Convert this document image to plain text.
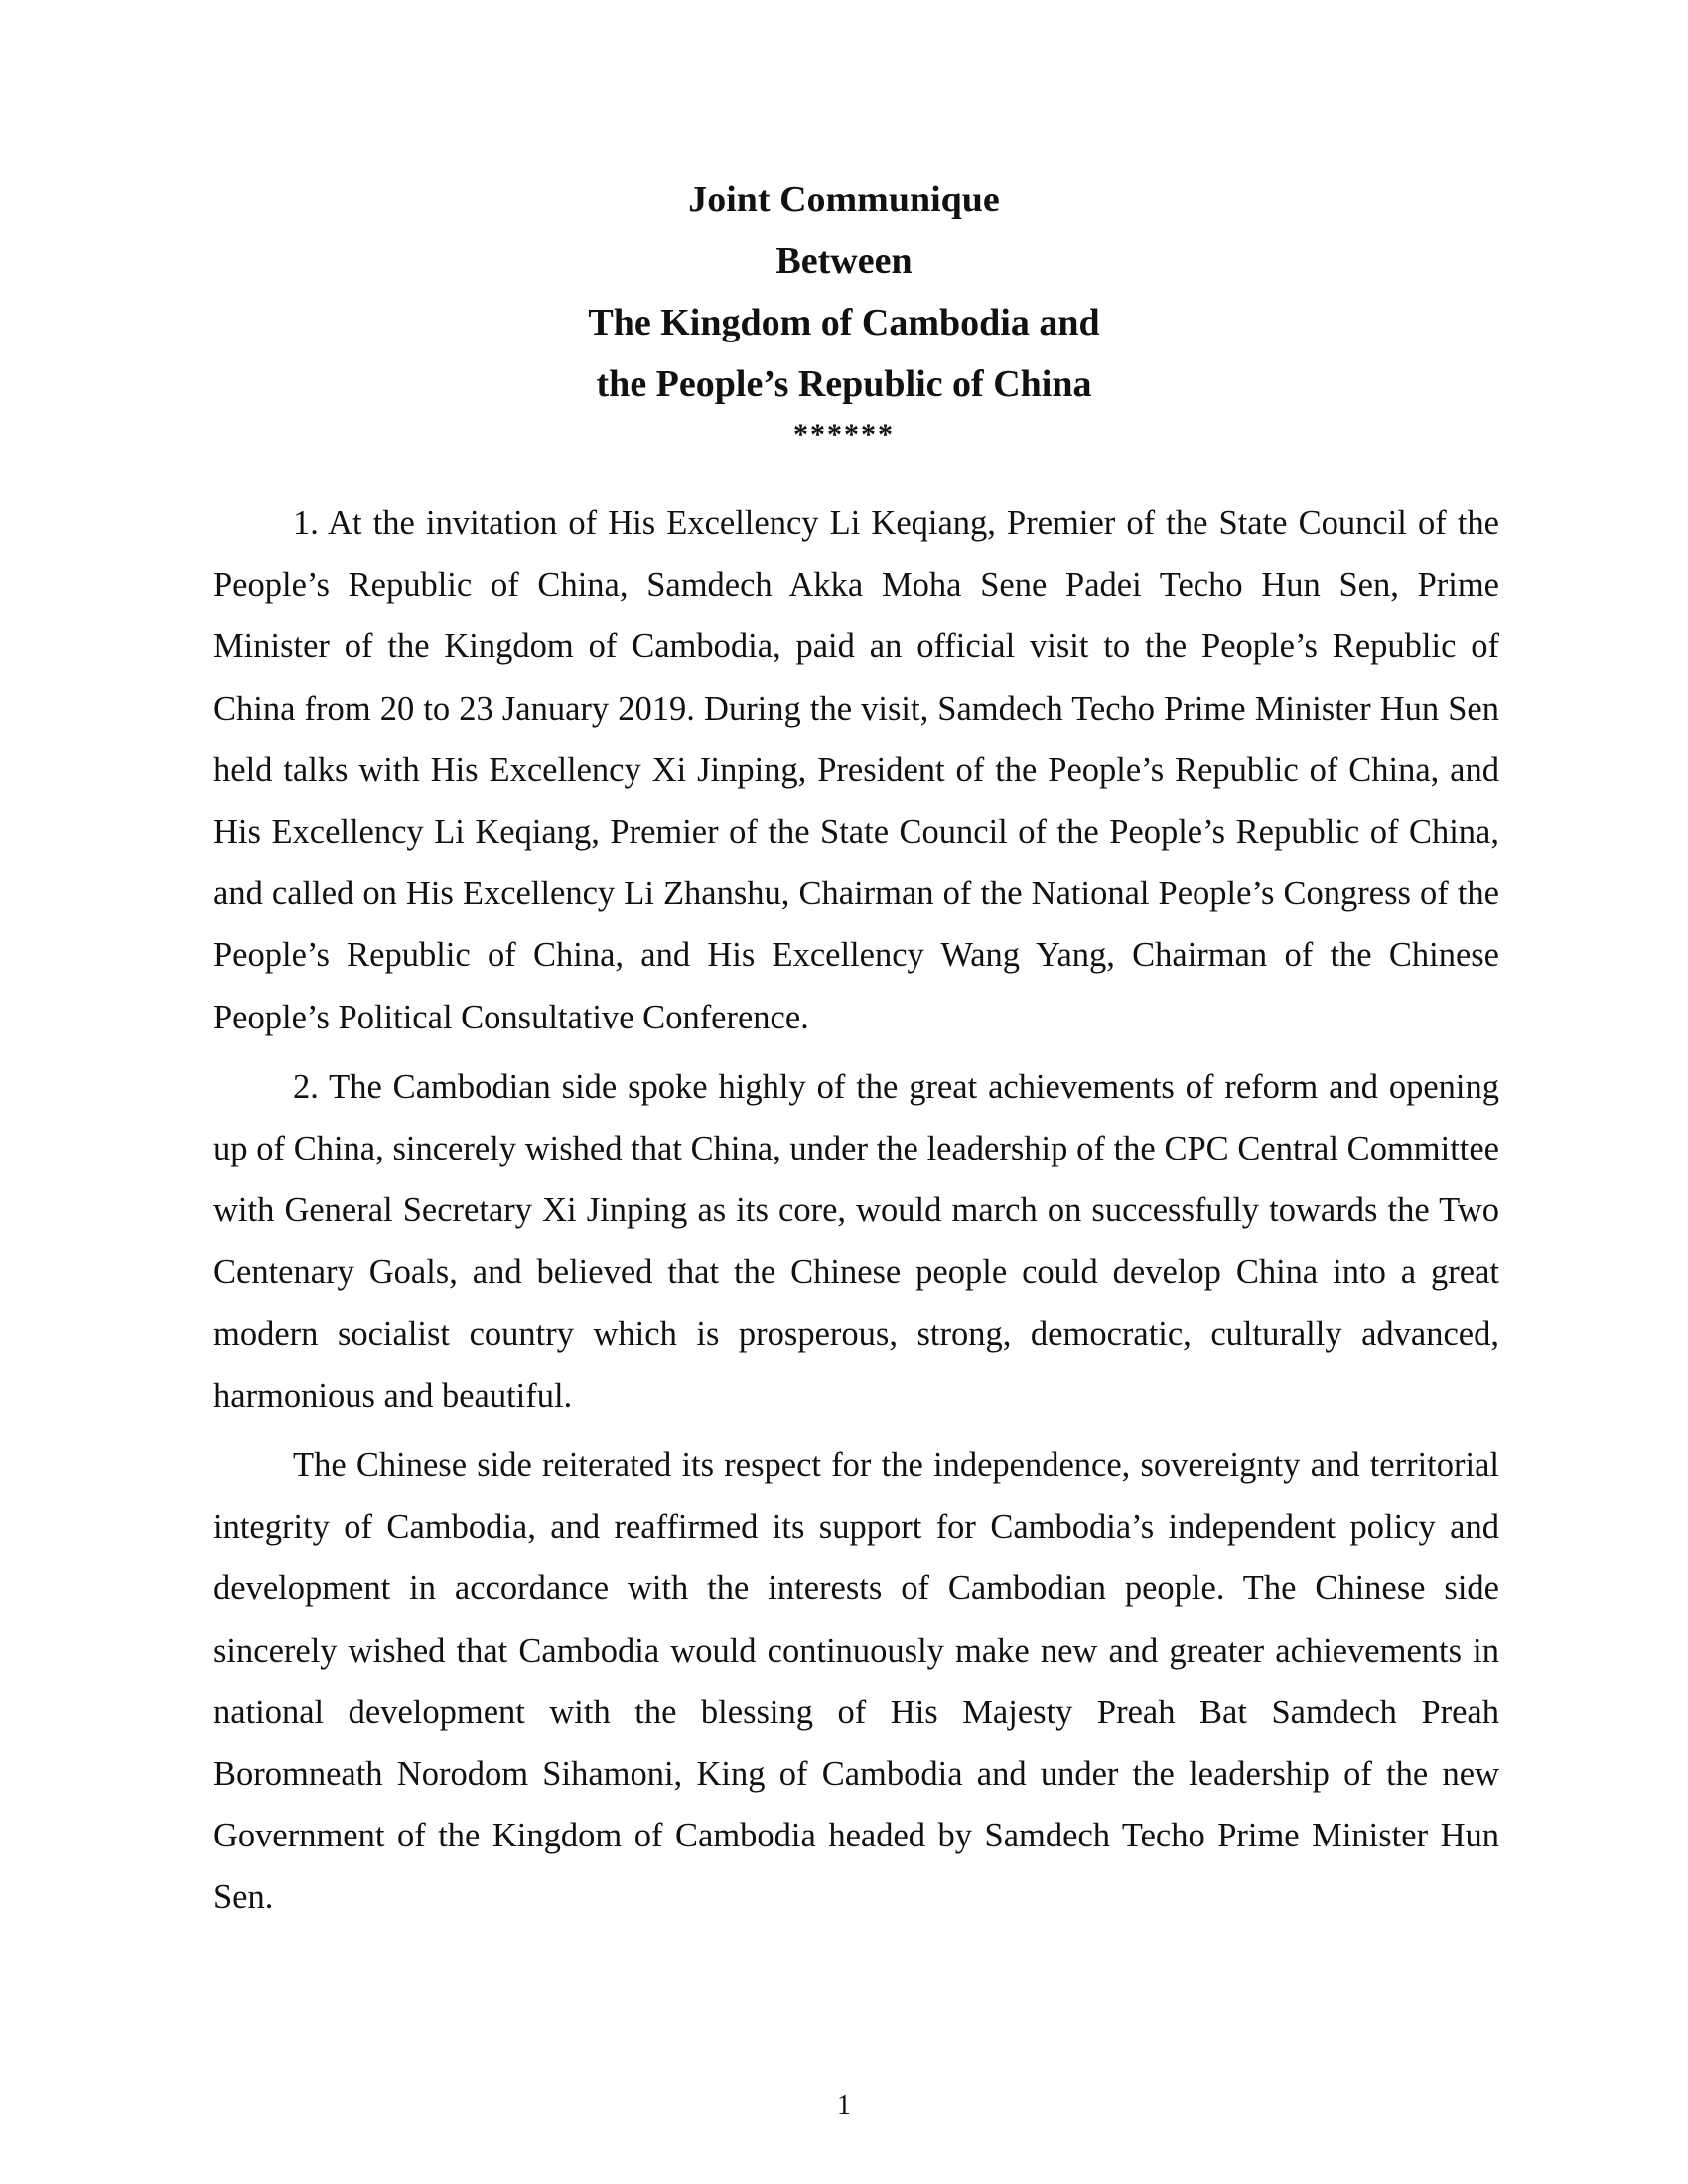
Joint Communique

Between

The Kingdom of Cambodia and

the People’s Republic of China

******

1. At the invitation of His Excellency Li Keqiang, Premier of the State Council of the People’s Republic of China, Samdech Akka Moha Sene Padei Techo Hun Sen, Prime Minister of the Kingdom of Cambodia, paid an official visit to the People’s Republic of China from 20 to 23 January 2019. During the visit, Samdech Techo Prime Minister Hun Sen held talks with His Excellency Xi Jinping, President of the People’s Republic of China, and His Excellency Li Keqiang, Premier of the State Council of the People’s Republic of China, and called on His Excellency Li Zhanshu, Chairman of the National People’s Congress of the People’s Republic of China, and His Excellency Wang Yang, Chairman of the Chinese People’s Political Consultative Conference.

2. The Cambodian side spoke highly of the great achievements of reform and opening up of China, sincerely wished that China, under the leadership of the CPC Central Committee with General Secretary Xi Jinping as its core, would march on successfully towards the Two Centenary Goals, and believed that the Chinese people could develop China into a great modern socialist country which is prosperous, strong, democratic, culturally advanced, harmonious and beautiful.

The Chinese side reiterated its respect for the independence, sovereignty and territorial integrity of Cambodia, and reaffirmed its support for Cambodia’s independent policy and development in accordance with the interests of Cambodian people. The Chinese side sincerely wished that Cambodia would continuously make new and greater achievements in national development with the blessing of His Majesty Preah Bat Samdech Preah Boromneath Norodom Sihamoni, King of Cambodia and under the leadership of the new Government of the Kingdom of Cambodia headed by Samdech Techo Prime Minister Hun Sen.

1
